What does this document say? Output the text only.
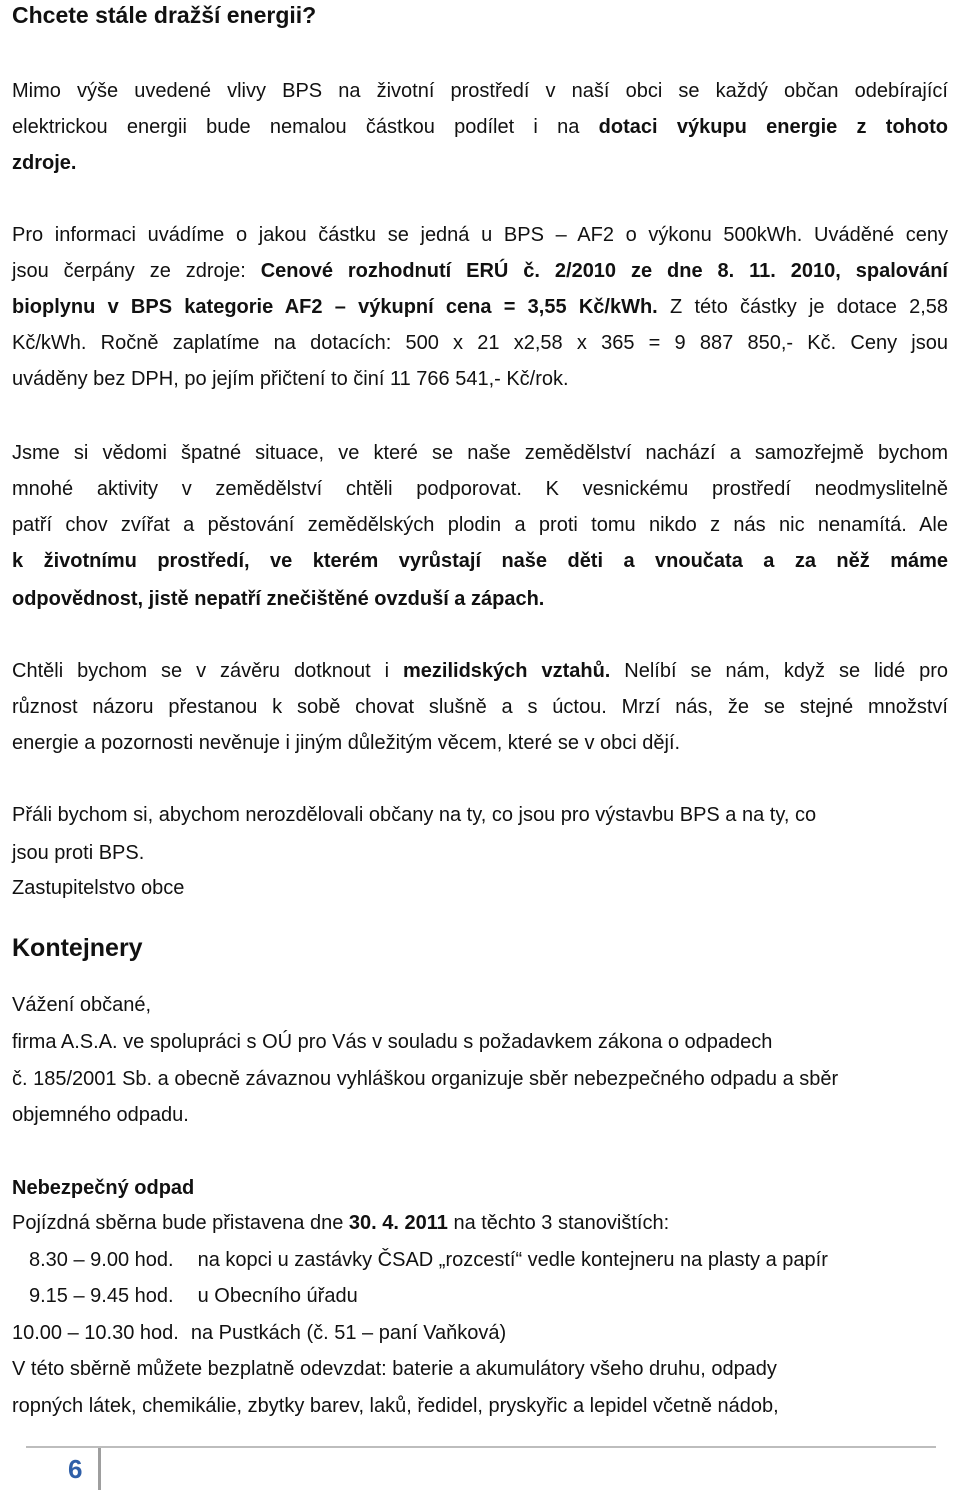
Chcete stále dražší energii?
Mimo výše uvedené vlivy BPS na životní prostředí v naší obci se každý občan odebírající
elektrickou energii bude nemalou částkou podílet i na dotaci výkupu energie z tohoto
zdroje.
Pro informaci uvádíme o jakou částku se jedná u BPS – AF2 o výkonu 500kWh. Uváděné ceny
jsou čerpány ze zdroje: Cenové rozhodnutí ERÚ č. 2/2010 ze dne 8. 11. 2010, spalování
bioplynu v BPS kategorie AF2 – výkupní cena = 3,55 Kč/kWh. Z této částky je dotace 2,58
Kč/kWh. Ročně zaplatíme na dotacích: 500 x 21 x2,58 x 365 = 9 887 850,- Kč. Ceny jsou
uváděny bez DPH, po jejím přičtení to činí 11 766 541,- Kč/rok.
Jsme si vědomi špatné situace, ve které se naše zemědělství nachází a samozřejmě bychom
mnohé aktivity v zemědělství chtěli podporovat. K vesnickému prostředí neodmyslitelně
patří chov zvířat a pěstování zemědělských plodin a proti tomu nikdo z nás nic nenamítá. Ale
k životnímu prostředí, ve kterém vyrůstají naše děti a vnoučata a za něž máme
odpovědnost, jistě nepatří znečištěné ovzduší a zápach.
Chtěli bychom se v závěru dotknout i mezilidských vztahů. Nelíbí se nám, když se lidé pro
různost názoru přestanou k sobě chovat slušně a s úctou. Mrzí nás, že se stejné množství
energie a pozornosti nevěnuje i jiným důležitým věcem, které se v obci dějí.
Přáli bychom si, abychom nerozdělovali občany na ty, co jsou pro výstavbu BPS a na ty, co
jsou proti BPS.
Zastupitelstvo obce
Kontejnery
Vážení občané,
firma A.S.A. ve spolupráci s OÚ pro Vás v souladu s požadavkem zákona o odpadech
č. 185/2001 Sb. a obecně závaznou vyhláškou organizuje sběr nebezpečného odpadu a sběr
objemného odpadu.
Nebezpečný odpad
Pojízdná sběrna bude přistavena dne 30. 4. 2011 na těchto 3 stanovištích:
8.30 – 9.00 hod. na kopci u zastávky ČSAD „rozcestí“ vedle kontejneru na plasty a papír
9.15 – 9.45 hod. u Obecního úřadu
10.00 – 10.30 hod. na Pustkách (č. 51 – paní Vaňková)
V této sběrně můžete bezplatně odevzdat: baterie a akumulátory všeho druhu, odpady
ropných látek, chemikálie, zbytky barev, laků, ředidel, pryskyřic a lepidel včetně nádob,
6
